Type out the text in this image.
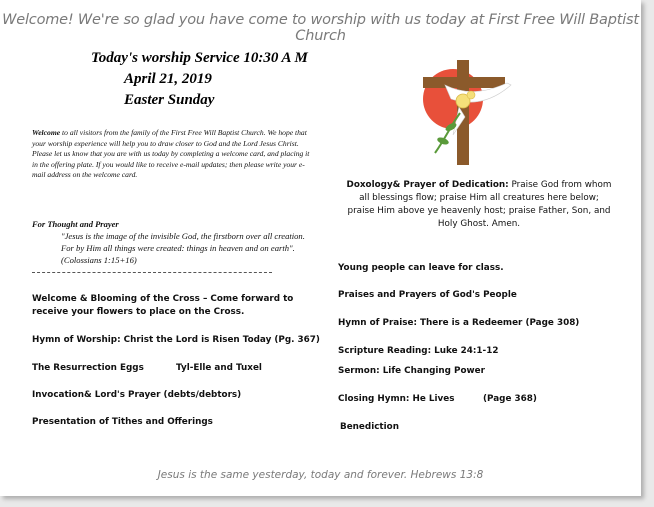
Welcome! We're so glad you have come to worship with us today at First Free Will Baptist Church
Today's worship Service 10:30 A M
April 21, 2019
Easter Sunday
Welcome to all visitors from the family of the First Free Will Baptist Church. We hope that your worship experience will help you to draw closer to God and the Lord Jesus Christ. Please let us know that you are with us today by completing a welcome card, and placing it in the offering plate. If you would like to receive e-mail updates; then please write your e-mail address on the welcome card.
For Thought and Prayer
"Jesus is the image of the invisible God, the firstborn over all creation. For by Him all things were created: things in heaven and on earth". (Colossians 1:15+16)
Welcome & Blooming of the Cross – Come forward to
receive your flowers to place on the Cross.
Hymn of Worship: Christ the Lord is Risen Today (Pg. 367)
The Resurrection Eggs	Tyl-Elle and Tuxel
Invocation& Lord's Prayer (debts/debtors)
Presentation of Tithes and Offerings
Doxology& Prayer of Dedication: Praise God from whom
all blessings flow; praise Him all creatures here below;
praise Him above ye heavenly host; praise Father, Son, and
Holy Ghost. Amen.
Young people can leave for class.
Praises and Prayers of God's People
Hymn of Praise: There is a Redeemer (Page 308)
Scripture Reading: Luke 24:1-12
Sermon: Life Changing Power
Closing Hymn: He Lives	(Page 368)
Benediction
Jesus is the same yesterday, today and forever. Hebrews 13:8
